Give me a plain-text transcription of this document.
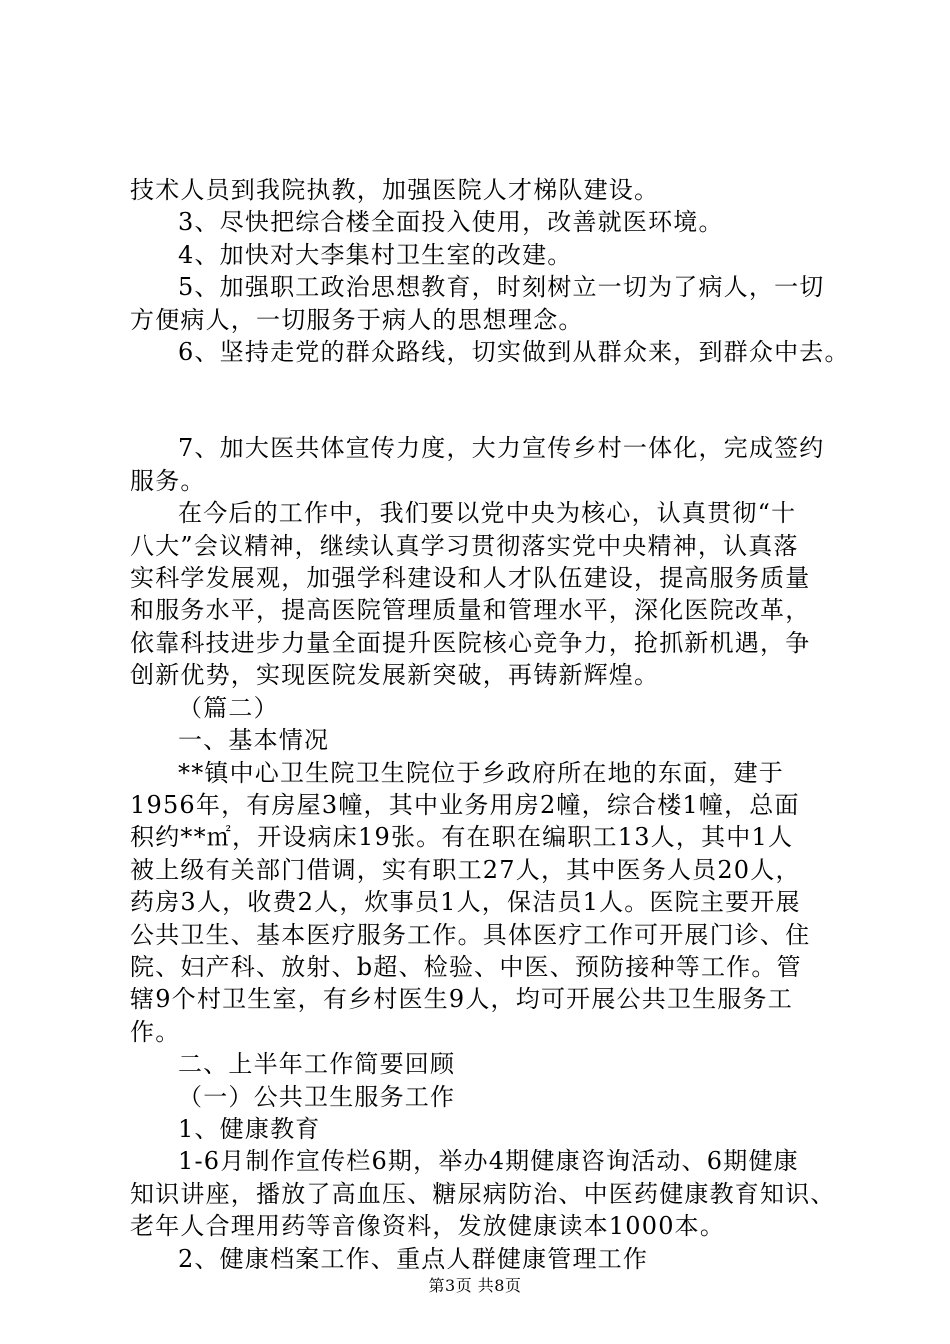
技术人员到我院执教，加强医院人才梯队建设。

3、尽快把综合楼全面投入使用，改善就医环境。

4、加快对大李集村卫生室的改建。

5、加强职工政治思想教育，时刻树立一切为了病人，一切

方便病人，一切服务于病人的思想理念。

6、坚持走党的群众路线，切实做到从群众来，到群众中去。

7、加大医共体宣传力度，大力宣传乡村一体化，完成签约

服务。

在今后的工作中，我们要以党中央为核心，认真贯彻“十

八大”会议精神，继续认真学习贯彻落实党中央精神，认真落

实科学发展观，加强学科建设和人才队伍建设，提高服务质量

和服务水平，提高医院管理质量和管理水平，深化医院改革，

依靠科技进步力量全面提升医院核心竞争力，抢抓新机遇，争

创新优势，实现医院发展新突破，再铸新辉煌。

（篇二）

一、基本情况

**镇中心卫生院卫生院位于乡政府所在地的东面，建于

1956年，有房屋3幢，其中业务用房2幢，综合楼1幢，总面

积约**㎡，开设病床19张。有在职在编职工13人，其中1人

被上级有关部门借调，实有职工27人，其中医务人员20人，

药房3人，收费2人，炊事员1人，保洁员1人。医院主要开展

公共卫生、基本医疗服务工作。具体医疗工作可开展门诊、住

院、妇产科、放射、b超、检验、中医、预防接种等工作。管

辖9个村卫生室，有乡村医生9人，均可开展公共卫生服务工

作。

二、上半年工作简要回顾

（一）公共卫生服务工作

1、健康教育

1-6月制作宣传栏6期，举办4期健康咨询活动、6期健康

知识讲座，播放了高血压、糖尿病防治、中医药健康教育知识、

老年人合理用药等音像资料，发放健康读本1000本。

2、健康档案工作、重点人群健康管理工作

第3页 共8页
